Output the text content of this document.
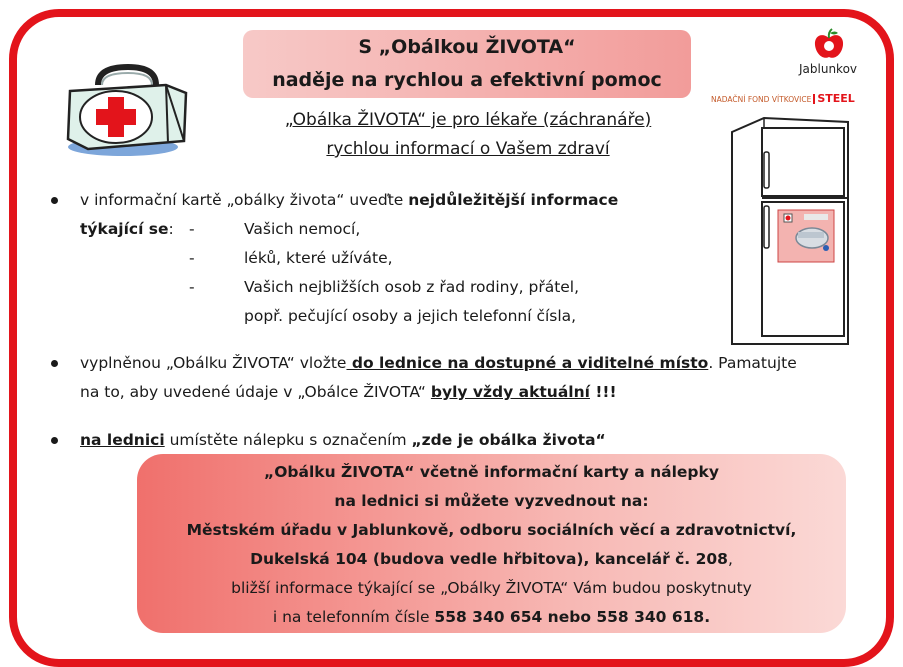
S „Obálkou ŽIVOTA“
naděje na rychlou a efektivní pomoc
„Obálka ŽIVOTA“ je pro lékaře (záchranáře)
rychlou informací o Vašem zdraví
Jablunkov
NADAČNÍ FOND VÍTKOVICE STEEL
v informační kartě „obálky života“ uveďte nejdůležitější informace
týkající se: -	Vašich nemocí,
-	léků, které užíváte,
-	Vašich nejbližších osob z řad rodiny, přátel,
popř. pečující osoby a jejich telefonní čísla,
vyplněnou „Obálku ŽIVOTA“ vložte do lednice na dostupné a viditelné místo. Pamatujte
na to, aby uvedené údaje v „Obálce ŽIVOTA“ byly vždy aktuální !!!
na lednici umístěte nálepku s označením „zde je obálka života“
„Obálku ŽIVOTA“ včetně informační karty a nálepky
na lednici si můžete vyzvednout na:
Městském úřadu v Jablunkově, odboru sociálních věcí a zdravotnictví,
Dukelská 104 (budova vedle hřbitova), kancelář č. 208,
bližší informace týkající se „Obálky ŽIVOTA“ Vám budou poskytnuty
i na telefonním čísle 558 340 654 nebo 558 340 618.
